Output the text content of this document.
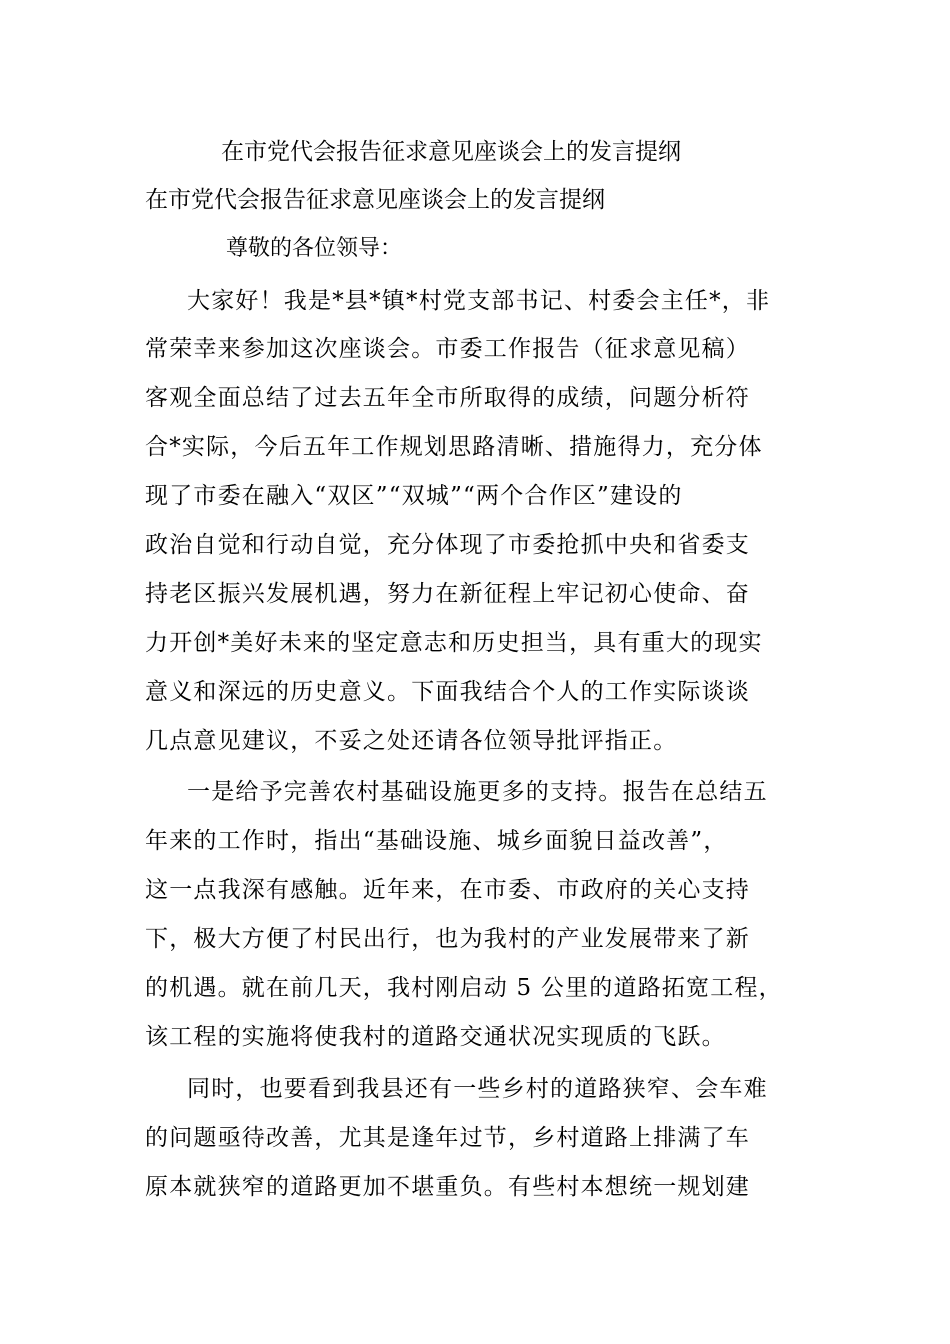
在市党代会报告征求意见座谈会上的发言提纲
在市党代会报告征求意见座谈会上的发言提纲
尊敬的各位领导：
大家好！我是*县*镇*村党支部书记、村委会主任*，非
常荣幸来参加这次座谈会。市委工作报告（征求意见稿）
客观全面总结了过去五年全市所取得的成绩，问题分析符
合*实际，今后五年工作规划思路清晰、措施得力，充分体
现了市委在融入“双区”“双城”“两个合作区”建设的
政治自觉和行动自觉，充分体现了市委抢抓中央和省委支
持老区振兴发展机遇，努力在新征程上牢记初心使命、奋
力开创*美好未来的坚定意志和历史担当，具有重大的现实
意义和深远的历史意义。下面我结合个人的工作实际谈谈
几点意见建议，不妥之处还请各位领导批评指正。
一是给予完善农村基础设施更多的支持。报告在总结五
年来的工作时，指出“基础设施、城乡面貌日益改善”，
这一点我深有感触。近年来，在市委、市政府的关心支持
下，极大方便了村民出行，也为我村的产业发展带来了新
的机遇。就在前几天，我村刚启动 5 公里的道路拓宽工程，
该工程的实施将使我村的道路交通状况实现质的飞跃。
同时，也要看到我县还有一些乡村的道路狭窄、会车难
的问题亟待改善，尤其是逢年过节，乡村道路上排满了车
原本就狭窄的道路更加不堪重负。有些村本想统一规划建
